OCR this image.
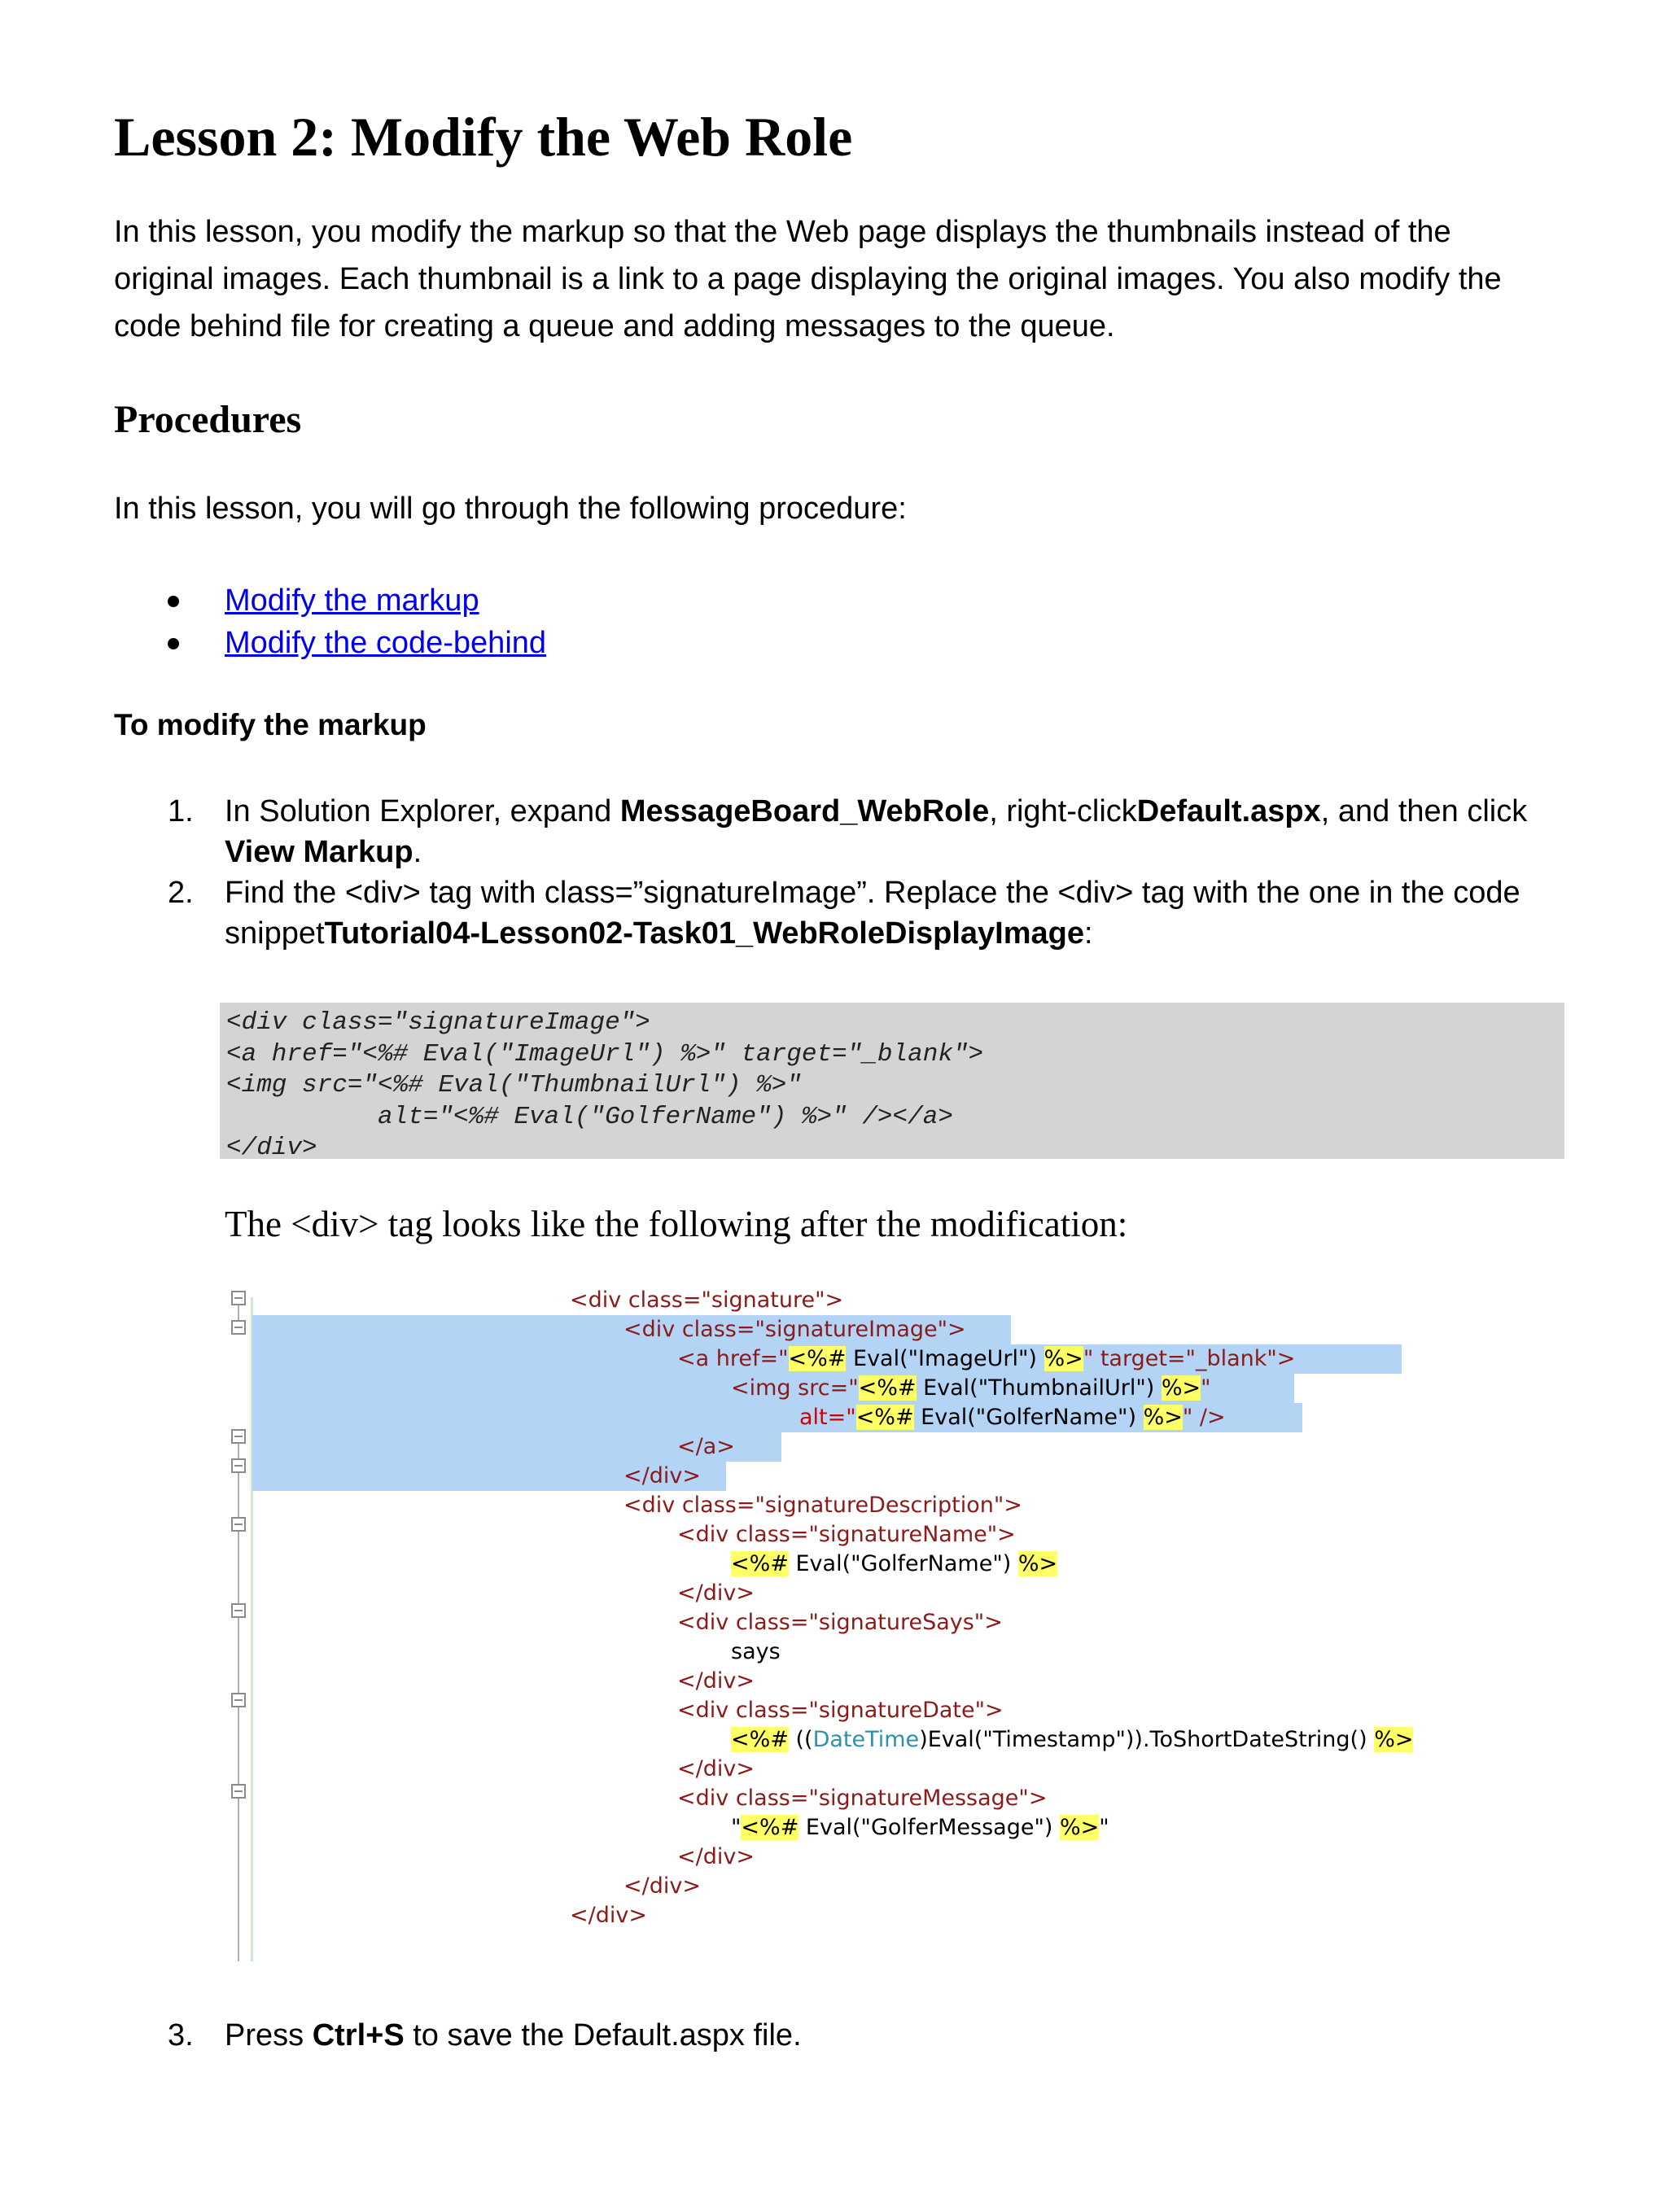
Lesson 2: Modify the Web Role

In this lesson, you modify the markup so that the Web page displays the thumbnails instead of the original images. Each thumbnail is a link to a page displaying the original images. You also modify the code behind file for creating a queue and adding messages to the queue.

Procedures

In this lesson, you will go through the following procedure:

Modify the markup
Modify the code-behind

To modify the markup

1. In Solution Explorer, expand MessageBoard_WebRole, right-clickDefault.aspx, and then click
View Markup.
2. Find the <div> tag with class=”signatureImage”. Replace the <div> tag with the one in the code snippetTutorial04-Lesson02-Task01_WebRoleDisplayImage:
<div class="signatureImage">
<a href="<%# Eval("ImageUrl") %>" target="_blank">
<img src="<%# Eval("ThumbnailUrl") %>"
alt="<%# Eval("GolferName") %>" /></a>
</div>

The <div> tag looks like the following after the modification:

<div class="signature">
<div class="signatureImage">
<a href="<%# Eval("ImageUrl") %>" target="_blank">
<img src="<%# Eval("ThumbnailUrl") %>"
alt="<%# Eval("GolferName") %>" />
</a>
</div>
<div class="signatureDescription">
<div class="signatureName">
<%# Eval("GolferName") %>
</div>
<div class="signatureSays">
says
</div>
<div class="signatureDate">
<%# ((DateTime)Eval("Timestamp")).ToShortDateString() %>
</div>
<div class="signatureMessage">
"<%# Eval("GolferMessage") %>"
</div>
</div>
</div>
3. Press Ctrl+S to save the Default.aspx file.
